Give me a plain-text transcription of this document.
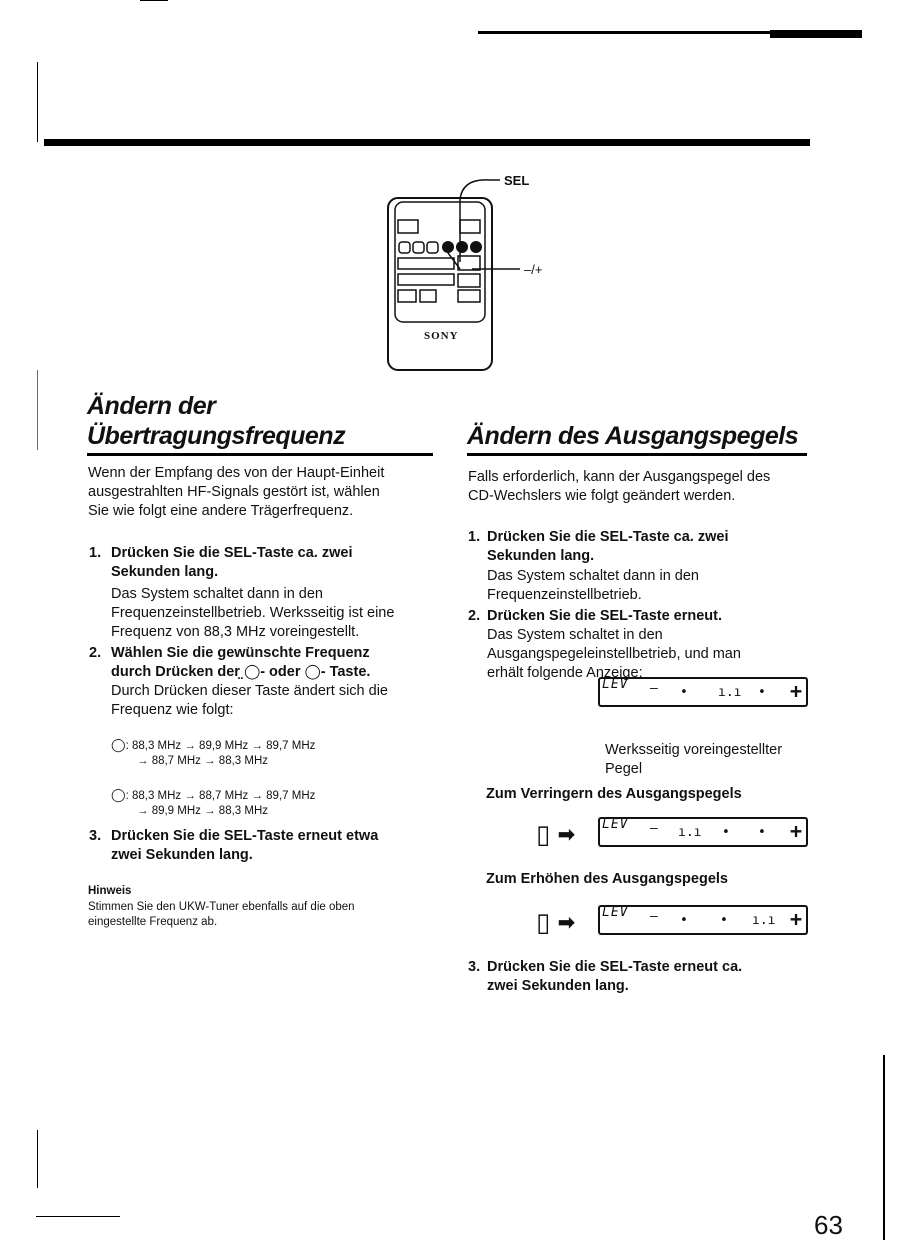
SEL
–/+
SONY
Ändern der
Übertragungsfrequenz
Wenn der Empfang des von der Haupt-Einheit
ausgestrahlten HF-Signals gestört ist, wählen
Sie wie folgt eine andere Trägerfrequenz.
1. Drücken Sie die SEL-Taste ca. zwei
Sekunden lang.
Das System schaltet dann in den
Frequenzeinstellbetrieb. Werksseitig ist eine
Frequenz von 88,3 MHz voreingestellt.
2. Wählen Sie die gewünschte Frequenz
durch Drücken der ̤◯- oder ◯- Taste.
Durch Drücken dieser Taste ändert sich die
Frequenz wie folgt:
◯: 88,3 MHz → 89,9 MHz → 89,7 MHz
→ 88,7 MHz → 88,3 MHz
◯: 88,3 MHz → 88,7 MHz → 89,7 MHz
→ 89,9 MHz → 88,3 MHz
3. Drücken Sie die SEL-Taste erneut etwa
zwei Sekunden lang.
Hinweis
Stimmen Sie den UKW-Tuner ebenfalls auf die oben
eingestellte Frequenz ab.
Ändern des Ausgangspegels
Falls erforderlich, kann der Ausgangspegel des
CD-Wechslers wie folgt geändert werden.
1. Drücken Sie die SEL-Taste ca. zwei
Sekunden lang.
Das System schaltet dann in den
Frequenzeinstellbetrieb.
2. Drücken Sie die SEL-Taste erneut.
Das System schaltet in den
Ausgangspegeleinstellbetrieb, und man
erhält folgende Anzeige:
LEV – • ı.ı • +
Werksseitig voreingestellter
Pegel
Zum Verringern des Ausgangspegels
▯ ➡ LEV – ı.ı • • +
Zum Erhöhen des Ausgangspegels
▯ ➡ LEV – • • ı.ı +
3. Drücken Sie die SEL-Taste erneut ca.
zwei Sekunden lang.
63
